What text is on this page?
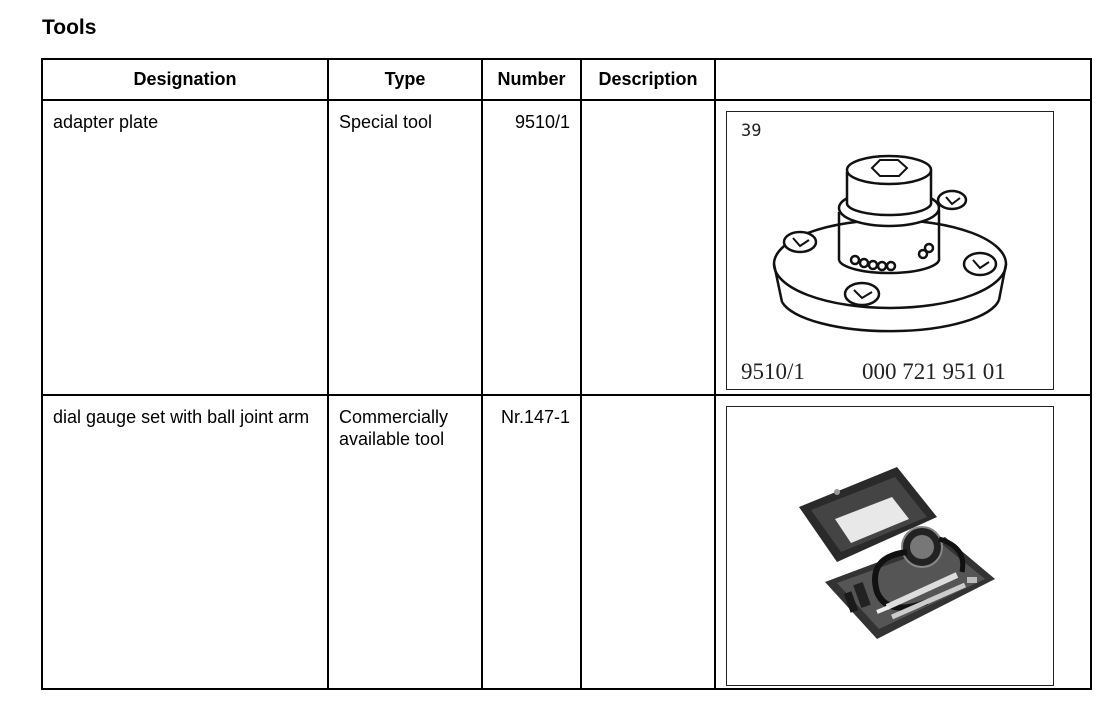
Tools
Designation	Type	Number	Description	
adapter plate	Special tool	9510/1		39
9510/1 000 721 951 01

dial gauge set with ball joint arm	Commercially available tool	Nr.147-1		
